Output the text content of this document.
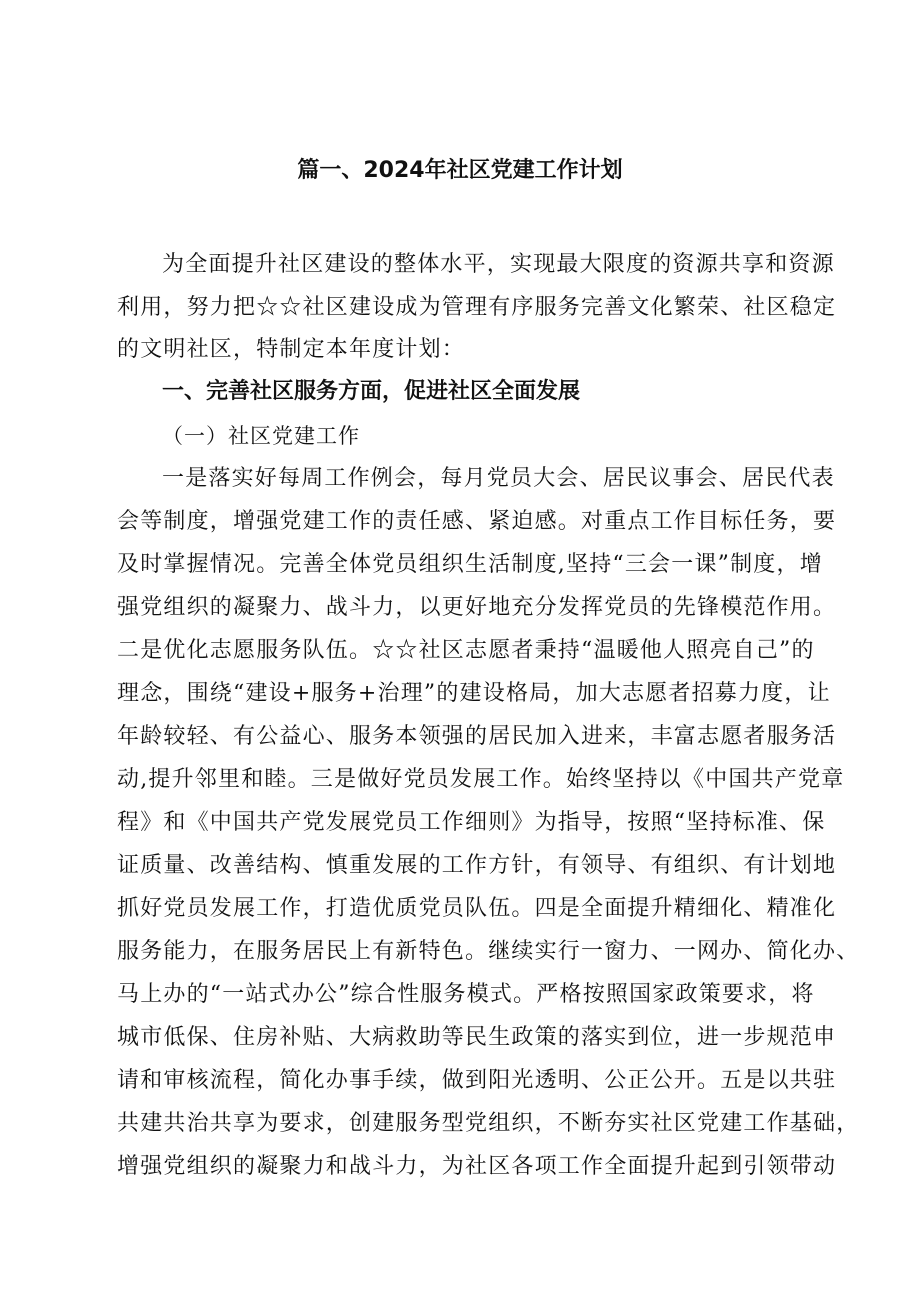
篇一、2024年社区党建工作计划
为全面提升社区建设的整体水平，实现最大限度的资源共享和资源
利用，努力把☆☆社区建设成为管理有序服务完善文化繁荣、社区稳定
的文明社区，特制定本年度计划：
一、完善社区服务方面，促进社区全面发展
（一）社区党建工作
一是落实好每周工作例会，每月党员大会、居民议事会、居民代表
会等制度，增强党建工作的责任感、紧迫感。对重点工作目标任务，要
及时掌握情况。完善全体党员组织生活制度,坚持“三会一课”制度，增
强党组织的凝聚力、战斗力，以更好地充分发挥党员的先锋模范作用。
二是优化志愿服务队伍。☆☆社区志愿者秉持“温暖他人照亮自己”的
理念，围绕“建设+服务+治理”的建设格局，加大志愿者招募力度，让
年龄较轻、有公益心、服务本领强的居民加入进来，丰富志愿者服务活
动,提升邻里和睦。三是做好党员发展工作。始终坚持以《中国共产党章
程》和《中国共产党发展党员工作细则》为指导，按照“坚持标准、保
证质量、改善结构、慎重发展的工作方针，有领导、有组织、有计划地
抓好党员发展工作，打造优质党员队伍。四是全面提升精细化、精准化
服务能力，在服务居民上有新特色。继续实行一窗力、一网办、简化办、
马上办的“一站式办公”综合性服务模式。严格按照国家政策要求，将
城市低保、住房补贴、大病救助等民生政策的落实到位，进一步规范申
请和审核流程，简化办事手续，做到阳光透明、公正公开。五是以共驻
共建共治共享为要求，创建服务型党组织，不断夯实社区党建工作基础，
增强党组织的凝聚力和战斗力，为社区各项工作全面提升起到引领带动
